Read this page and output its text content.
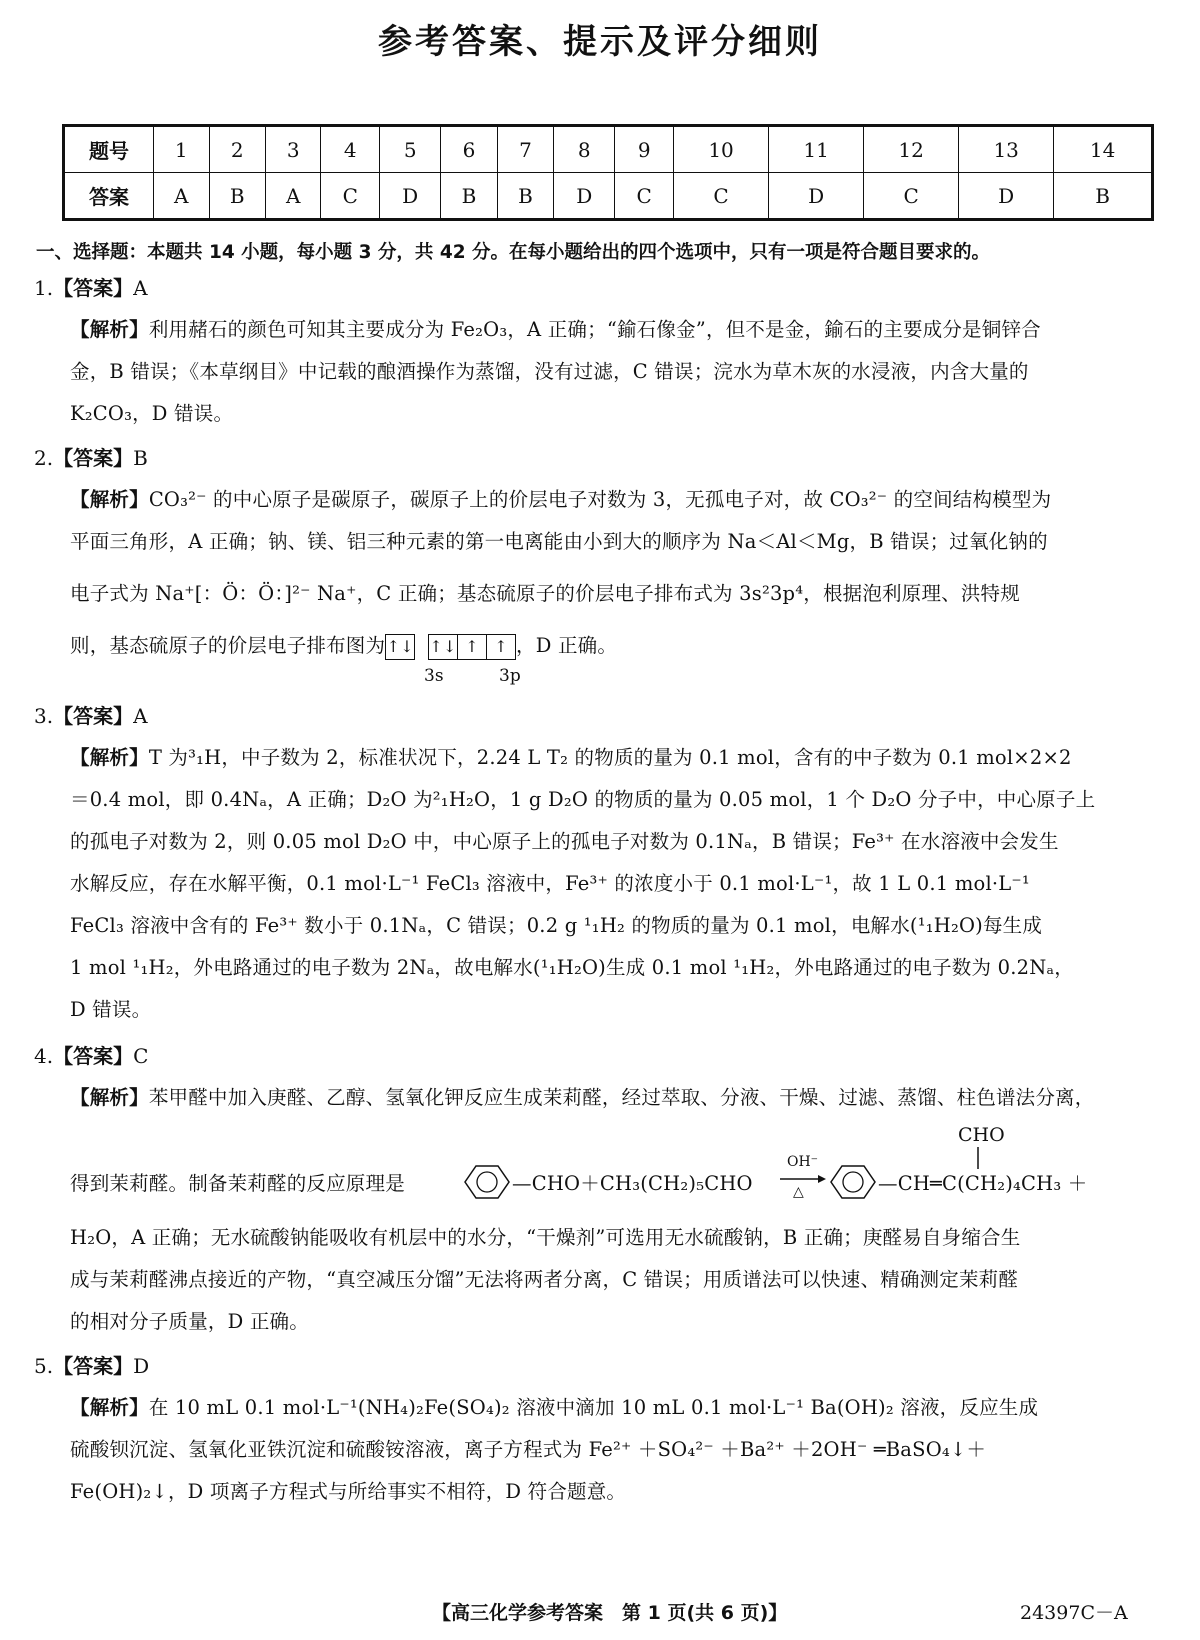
参考答案、提示及评分细则
题号	1	2	3	4	5	6	7	8	9	10	11	12	13	14
答案	A	B	A	C	D	B	B	D	C	C	D	C	D	B
一、选择题：本题共 14 小题，每小题 3 分，共 42 分。在每小题给出的四个选项中，只有一项是符合题目要求的。
1.【答案】A
【解析】利用赭石的颜色可知其主要成分为 Fe₂O₃，A 正确；“鍮石像金”，但不是金，鍮石的主要成分是铜锌合
金，B 错误；《本草纲目》中记载的酿酒操作为蒸馏，没有过滤，C 错误；浣水为草木灰的水浸液，内含大量的
K₂CO₃，D 错误。
2.【答案】B
【解析】CO₃²⁻ 的中心原子是碳原子，碳原子上的价层电子对数为 3，无孤电子对，故 CO₃²⁻ 的空间结构模型为
平面三角形，A 正确；钠、镁、铝三种元素的第一电离能由小到大的顺序为 Na＜Al＜Mg，B 错误；过氧化钠的
电子式为 Na⁺[：Ö：Ö：]²⁻ Na⁺，C 正确；基态硫原子的价层电子排布式为 3s²3p⁴，根据泡利原理、洪特规
则，基态硫原子的价层电子排布图为↑↓ ↑↓ ↑ ↑ ，D 正确。
3s	3p
3.【答案】A
【解析】T 为³₁H，中子数为 2，标准状况下，2.24 L T₂ 的物质的量为 0.1 mol，含有的中子数为 0.1 mol×2×2
＝0.4 mol，即 0.4Nₐ，A 正确；D₂O 为²₁H₂O，1 g D₂O 的物质的量为 0.05 mol，1 个 D₂O 分子中，中心原子上
的孤电子对数为 2，则 0.05 mol D₂O 中，中心原子上的孤电子对数为 0.1Nₐ，B 错误；Fe³⁺ 在水溶液中会发生
水解反应，存在水解平衡，0.1 mol·L⁻¹ FeCl₃ 溶液中，Fe³⁺ 的浓度小于 0.1 mol·L⁻¹，故 1 L 0.1 mol·L⁻¹
FeCl₃ 溶液中含有的 Fe³⁺ 数小于 0.1Nₐ，C 错误；0.2 g ¹₁H₂ 的物质的量为 0.1 mol，电解水(¹₁H₂O)每生成
1 mol ¹₁H₂，外电路通过的电子数为 2Nₐ，故电解水(¹₁H₂O)生成 0.1 mol ¹₁H₂，外电路通过的电子数为 0.2Nₐ，
D 错误。
4.【答案】C
【解析】苯甲醛中加入庚醛、乙醇、氢氧化钾反应生成茉莉醛，经过萃取、分液、干燥、过滤、蒸馏、柱色谱法分离，
CHO
得到茉莉醛。制备茉莉醛的反应原理是	—CHO＋CH₃(CH₂)₅CHO
OH⁻
△	—CH═C(CH₂)₄CH₃ ＋
H₂O，A 正确；无水硫酸钠能吸收有机层中的水分，“干燥剂”可选用无水硫酸钠，B 正确；庚醛易自身缩合生
成与茉莉醛沸点接近的产物，“真空减压分馏”无法将两者分离，C 错误；用质谱法可以快速、精确测定茉莉醛
的相对分子质量，D 正确。
5.【答案】D
【解析】在 10 mL 0.1 mol·L⁻¹(NH₄)₂Fe(SO₄)₂ 溶液中滴加 10 mL 0.1 mol·L⁻¹ Ba(OH)₂ 溶液，反应生成
硫酸钡沉淀、氢氧化亚铁沉淀和硫酸铵溶液，离子方程式为 Fe²⁺ ＋SO₄²⁻ ＋Ba²⁺ ＋2OH⁻ ═BaSO₄↓＋
Fe(OH)₂↓，D 项离子方程式与所给事实不相符，D 符合题意。
【高三化学参考答案　第 1 页(共 6 页)】	24397C－A
